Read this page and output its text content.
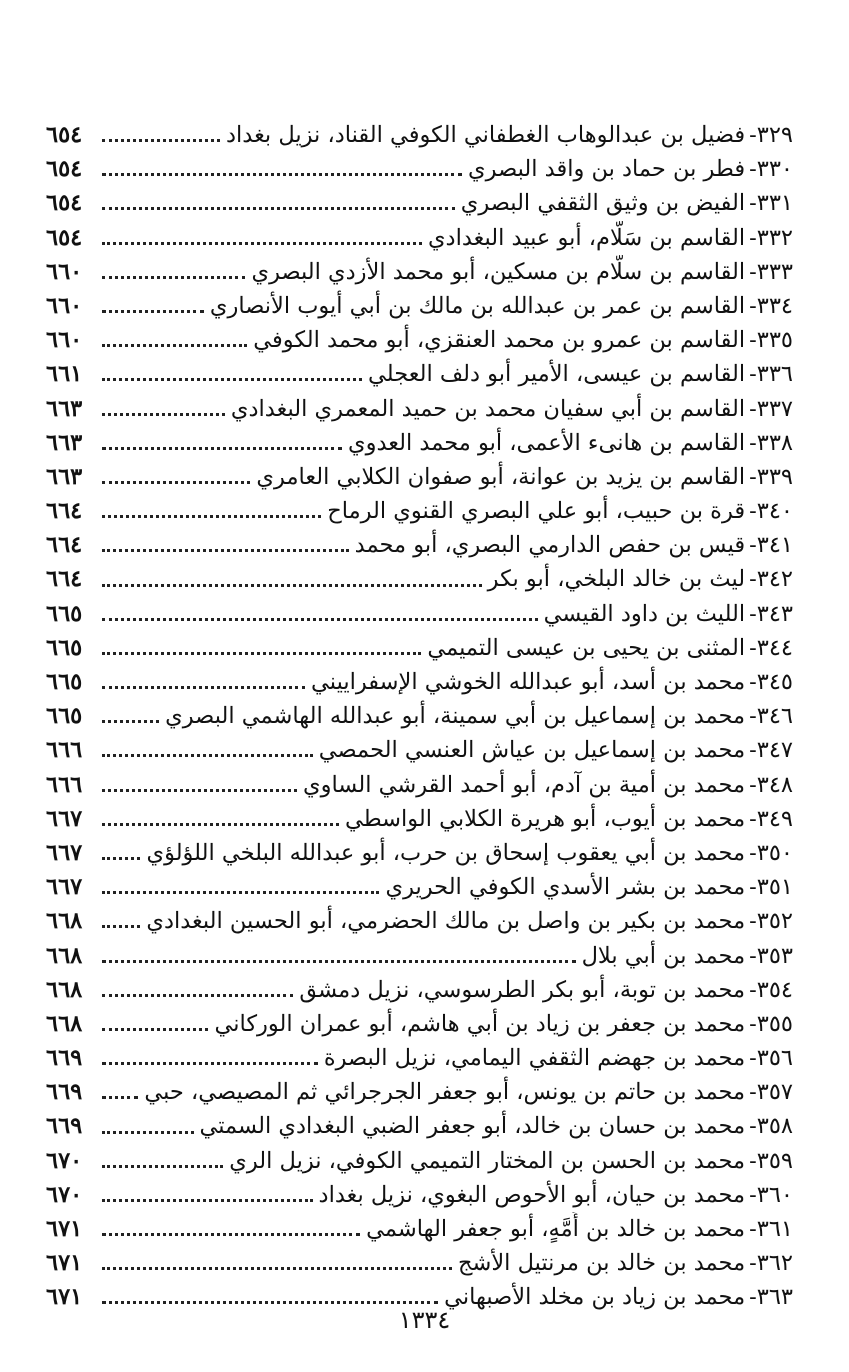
٣٢٩-
فضيل بن عبدالوهاب الغطفاني الكوفي القناد، نزيل بغداد
٦٥٤
٣٣٠-
فطر بن حماد بن واقد البصري
٦٥٤
٣٣١-
الفيض بن وثيق الثقفي البصري
٦٥٤
٣٣٢-
القاسم بن سَلَّام، أبو عبيد البغدادي
٦٥٤
٣٣٣-
القاسم بن سلَّام بن مسكين، أبو محمد الأزدي البصري
٦٦٠
٣٣٤-
القاسم بن عمر بن عبدالله بن مالك بن أبي أيوب الأنصاري
٦٦٠
٣٣٥-
القاسم بن عمرو بن محمد العنقزي، أبو محمد الكوفي
٦٦٠
٣٣٦-
القاسم بن عيسى، الأمير أبو دلف العجلي
٦٦١
٣٣٧-
القاسم بن أبي سفيان محمد بن حميد المعمري البغدادي
٦٦٣
٣٣٨-
القاسم بن هانىء الأعمى، أبو محمد العدوي
٦٦٣
٣٣٩-
القاسم بن يزيد بن عوانة، أبو صفوان الكلابي العامري
٦٦٣
٣٤٠-
قرة بن حبيب، أبو علي البصري القنوي الرماح
٦٦٤
٣٤١-
قيس بن حفص الدارمي البصري، أبو محمد
٦٦٤
٣٤٢-
ليث بن خالد البلخي، أبو بكر
٦٦٤
٣٤٣-
الليث بن داود القيسي
٦٦٥
٣٤٤-
المثنى بن يحيى بن عيسى التميمي
٦٦٥
٣٤٥-
محمد بن أسد، أبو عبدالله الخوشي الإسفراييني
٦٦٥
٣٤٦-
محمد بن إسماعيل بن أبي سمينة، أبو عبدالله الهاشمي البصري
٦٦٥
٣٤٧-
محمد بن إسماعيل بن عياش العنسي الحمصي
٦٦٦
٣٤٨-
محمد بن أمية بن آدم، أبو أحمد القرشي الساوي
٦٦٦
٣٤٩-
محمد بن أيوب، أبو هريرة الكلابي الواسطي
٦٦٧
٣٥٠-
محمد بن أبي يعقوب إسحاق بن حرب، أبو عبدالله البلخي اللؤلؤي
٦٦٧
٣٥١-
محمد بن بشر الأسدي الكوفي الحريري
٦٦٧
٣٥٢-
محمد بن بكير بن واصل بن مالك الحضرمي، أبو الحسين البغدادي
٦٦٨
٣٥٣-
محمد بن أبي بلال
٦٦٨
٣٥٤-
محمد بن توبة، أبو بكر الطرسوسي، نزيل دمشق
٦٦٨
٣٥٥-
محمد بن جعفر بن زياد بن أبي هاشم، أبو عمران الوركاني
٦٦٨
٣٥٦-
محمد بن جهضم الثقفي اليمامي، نزيل البصرة
٦٦٩
٣٥٧-
محمد بن حاتم بن يونس، أبو جعفر الجرجرائي ثم المصيصي، حبي
٦٦٩
٣٥٨-
محمد بن حسان بن خالد، أبو جعفر الضبي البغدادي السمتي
٦٦٩
٣٥٩-
محمد بن الحسن بن المختار التميمي الكوفي، نزيل الري
٦٧٠
٣٦٠-
محمد بن حيان، أبو الأحوص البغوي، نزيل بغداد
٦٧٠
٣٦١-
محمد بن خالد بن أَمَّهٍ، أبو جعفر الهاشمي
٦٧١
٣٦٢-
محمد بن خالد بن مرنتيل الأشج
٦٧١
٣٦٣-
محمد بن زياد بن مخلد الأصبهاني
٦٧١
١٣٣٤
